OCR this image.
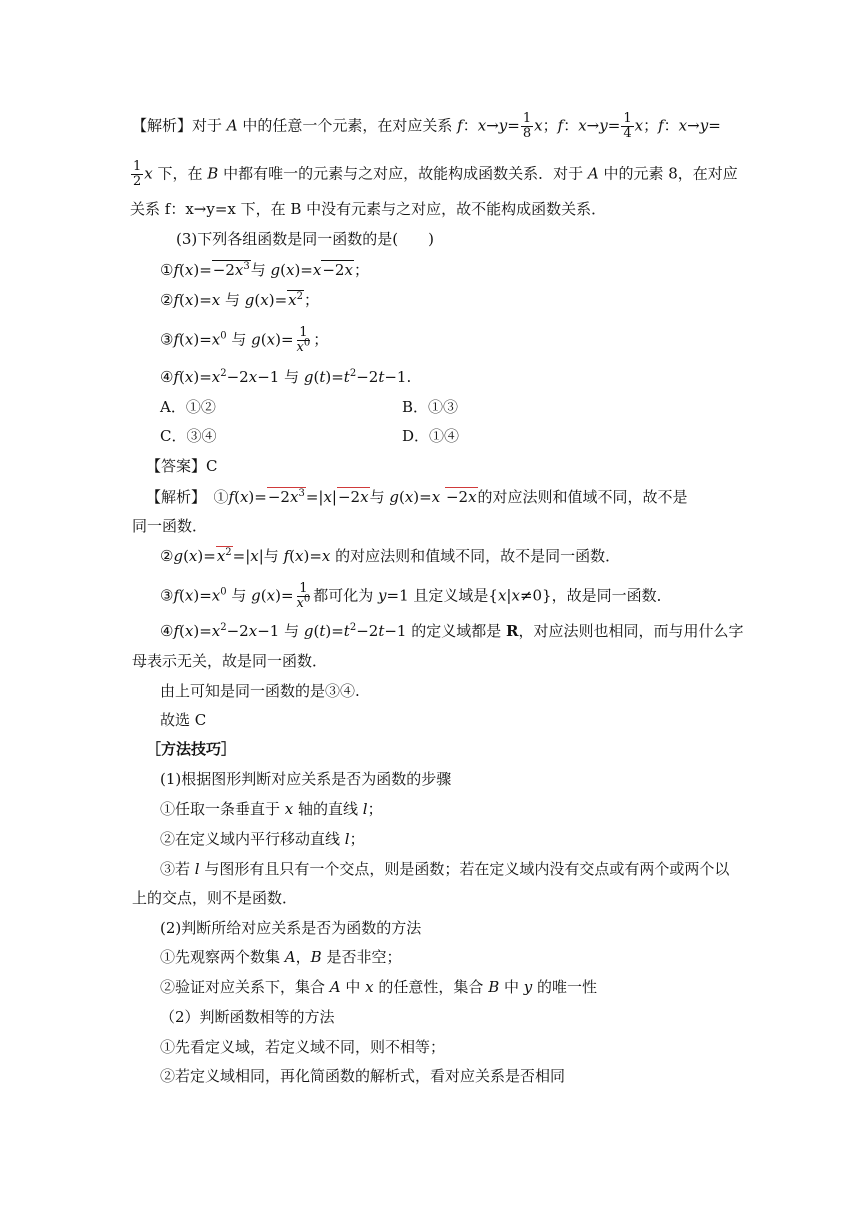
【解析】对于 A 中的任意一个元素，在对应关系 f：$x\to y= \frac{1}{8}$ x；f：$x\to y= \frac{1}{4}$ x；f：x→y=
$\frac{1}{2}$ x 下，在 B 中都有唯一的元素与之对应，故能构成函数关系．对于 A 中的元素 8，在对应
关系 f：x→y=x 下，在 B 中没有元素与之对应，故不能构成函数关系．
(3)下列各组函数是同一函数的是(　　)
$①f(x)=-2x^3$与 g(x)=x−2x；
②f(x)=x 与 $g(x)=x^2$；
$③f(x)=x^0$ 与 $g(x)= \frac{1}{x^0}$ ；
$④f(x)=x^2-2x-1$ 与 $g(t)=t^2-2t-1$.
A．①②	B．①③
C．③④	D．①④
【答案】C
【解析】　$①f(x)=-2x^3=|x|-2x$与 g(x)=x −2x的对应法则和值域不同，故不是
同一函数．
$②g(x)=x^2=|x|$与 f(x)=x 的对应法则和值域不同，故不是同一函数．
$③f(x)=x^0$ 与 $g(x)= \frac{1}{x^0}$ 都可化为 y=1 且定义域是{x|x≠0}，故是同一函数．
$④f(x)=x^2-2x-1$ 与 $g(t)=t^2-2t-1$ 的定义域都是 R，对应法则也相同，而与用什么字
母表示无关，故是同一函数．
由上可知是同一函数的是③④.
故选 C
［方法技巧］
(1)根据图形判断对应关系是否为函数的步骤
①任取一条垂直于 x 轴的直线 l；
②在定义域内平行移动直线 l；
③若 l 与图形有且只有一个交点，则是函数；若在定义域内没有交点或有两个或两个以
上的交点，则不是函数．
(2)判断所给对应关系是否为函数的方法
①先观察两个数集 A，B 是否非空；
②验证对应关系下，集合 A 中 x 的任意性，集合 B 中 y 的唯一性
（2）判断函数相等的方法
①先看定义域，若定义域不同，则不相等；
②若定义域相同，再化简函数的解析式，看对应关系是否相同
